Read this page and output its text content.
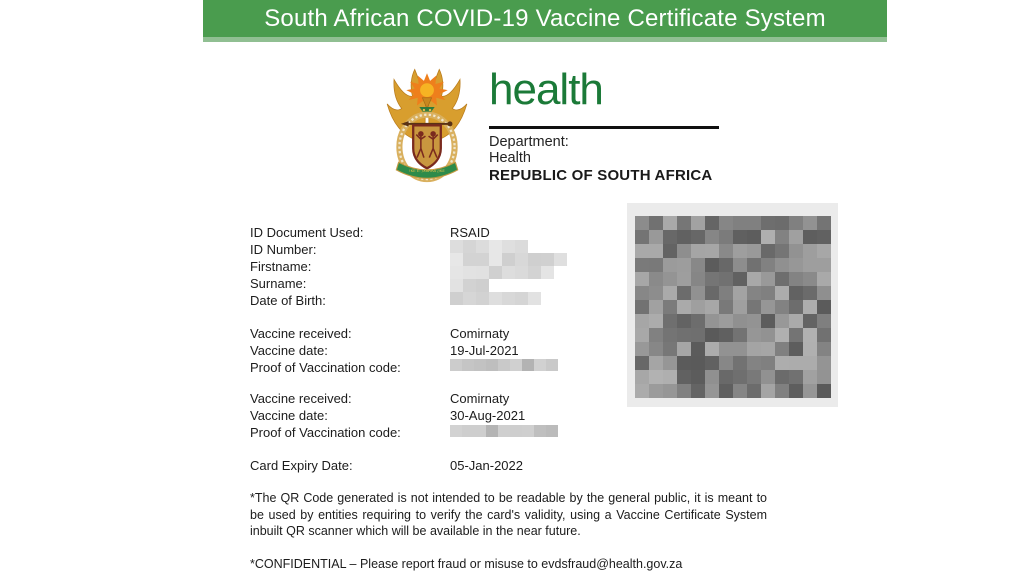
South African COVID-19 Vaccine Certificate System
!KE E: /XARRA //KE
health
Department:
Health
REPUBLIC OF SOUTH AFRICA
ID Document Used:	RSAID
ID Number:
Firstname:
Surname:
Date of Birth:
Vaccine received:	Comirnaty
Vaccine date:	19-Jul-2021
Proof of Vaccination code:
Vaccine received:	Comirnaty
Vaccine date:	30-Aug-2021
Proof of Vaccination code:
Card Expiry Date:	05-Jan-2022
*The QR Code generated is not intended to be readable by the general public, it is meant to be used by entities requiring to verify the card's validity, using a Vaccine Certificate System inbuilt QR scanner which will be available in the near future.
*CONFIDENTIAL – Please report fraud or misuse to evdsfraud@health.gov.za
